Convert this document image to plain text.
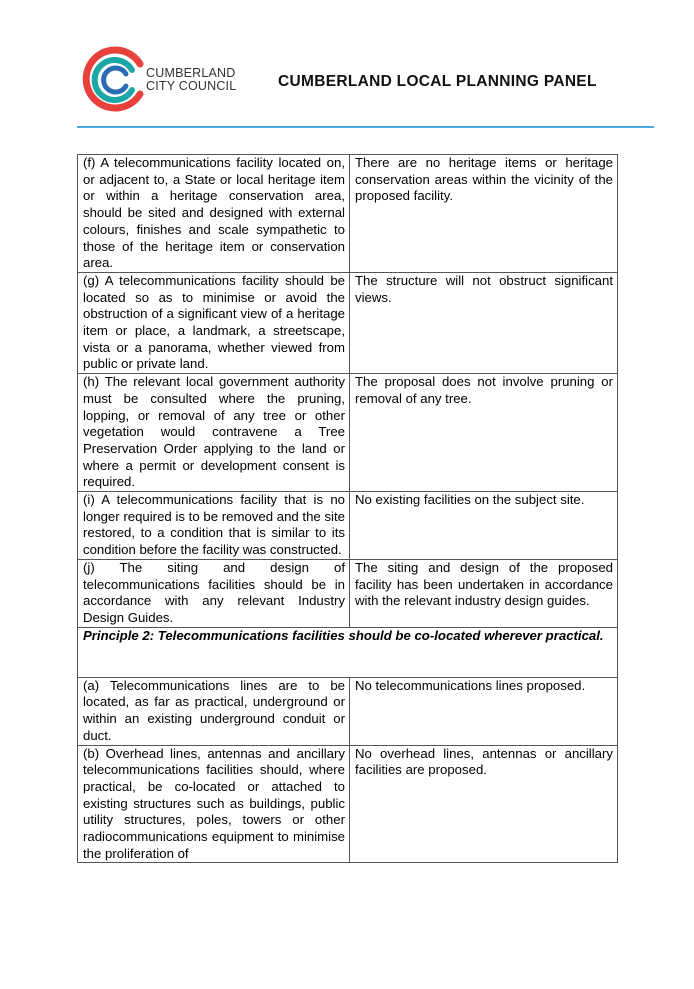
CUMBERLAND
CITY COUNCIL	CUMBERLAND LOCAL PLANNING PANEL
(f) A telecommunications facility located on, or adjacent to, a State or local heritage item or within a heritage conservation area, should be sited and designed with external colours, finishes and scale sympathetic to those of the heritage item or conservation area.	There are no heritage items or heritage conservation areas within the vicinity of the proposed facility.
(g) A telecommunications facility should be located so as to minimise or avoid the obstruction of a significant view of a heritage item or place, a landmark, a streetscape, vista or a panorama, whether viewed from public or private land.	The structure will not obstruct significant views.
(h) The relevant local government authority must be consulted where the pruning, lopping, or removal of any tree or other vegetation would contravene a Tree Preservation Order applying to the land or where a permit or development consent is required.	The proposal does not involve pruning or removal of any tree.
(i) A telecommunications facility that is no longer required is to be removed and the site restored, to a condition that is similar to its condition before the facility was constructed.	No existing facilities on the subject site.
(j) The siting and design of telecommunications facilities should be in accordance with any relevant Industry Design Guides.	The siting and design of the proposed facility has been undertaken in accordance with the relevant industry design guides.
Principle 2: Telecommunications facilities should be co-located wherever practical.	
(a) Telecommunications lines are to be located, as far as practical, underground or within an existing underground conduit or duct.	No telecommunications lines proposed.
(b) Overhead lines, antennas and ancillary telecommunications facilities should, where practical, be co-located or attached to existing structures such as buildings, public utility structures, poles, towers or other radiocommunications equipment to minimise the proliferation of	No overhead lines, antennas or ancillary facilities are proposed.
